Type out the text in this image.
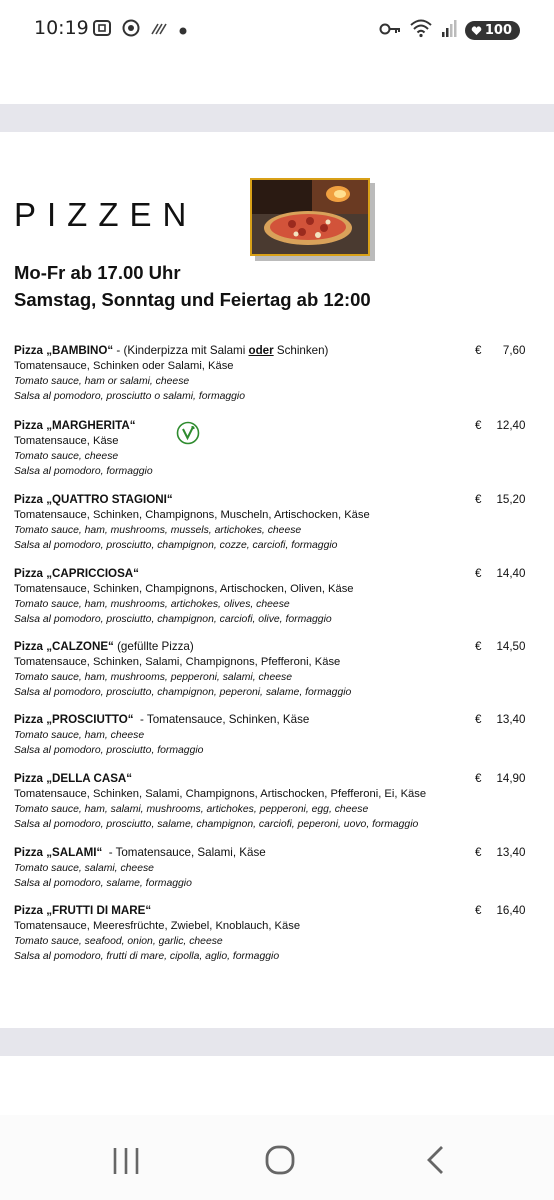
10:19	100
PIZZEN
Mo-Fr ab 17.00 Uhr
Samstag, Sonntag und Feiertag ab 12:00
Pizza „BAMBINO“ - (Kinderpizza mit Salami oder Schinken)
Tomatensauce, Schinken oder Salami, Käse
Tomato sauce, ham or salami, cheese
Salsa al pomodoro, prosciutto o salami, formaggio
€ 7,60
Pizza „MARGHERITA“
Tomatensauce, Käse
Tomato sauce, cheese
Salsa al pomodoro, formaggio
€ 12,40
Pizza „QUATTRO STAGIONI“
Tomatensauce, Schinken, Champignons, Muscheln, Artischocken, Käse
Tomato sauce, ham, mushrooms, mussels, artichokes, cheese
Salsa al pomodoro, prosciutto, champignon, cozze, carciofi, formaggio
€ 15,20
Pizza „CAPRICCIOSA“
Tomatensauce, Schinken, Champignons, Artischocken, Oliven, Käse
Tomato sauce, ham, mushrooms, artichokes, olives, cheese
Salsa al pomodoro, prosciutto, champignon, carciofi, olive, formaggio
€ 14,40
Pizza „CALZONE“ (gefüllte Pizza)
Tomatensauce, Schinken, Salami, Champignons, Pfefferoni, Käse
Tomato sauce, ham, mushrooms, pepperoni, salami, cheese
Salsa al pomodoro, prosciutto, champignon, peperoni, salame, formaggio
€ 14,50
Pizza „PROSCIUTTO“  - Tomatensauce, Schinken, Käse
Tomato sauce, ham, cheese
Salsa al pomodoro, prosciutto, formaggio
€ 13,40
Pizza „DELLA CASA“
Tomatensauce, Schinken, Salami, Champignons, Artischocken, Pfefferoni, Ei, Käse
Tomato sauce, ham, salami, mushrooms, artichokes, pepperoni, egg, cheese
Salsa al pomodoro, prosciutto, salame, champignon, carciofi, peperoni, uovo, formaggio
€ 14,90
Pizza „SALAMI“  - Tomatensauce, Salami, Käse
Tomato sauce, salami, cheese
Salsa al pomodoro, salame, formaggio
€ 13,40
Pizza „FRUTTI DI MARE“
Tomatensauce, Meeresfrüchte, Zwiebel, Knoblauch, Käse
Tomato sauce, seafood, onion, garlic, cheese
Salsa al pomodoro, frutti di mare, cipolla, aglio, formaggio
€ 16,40
